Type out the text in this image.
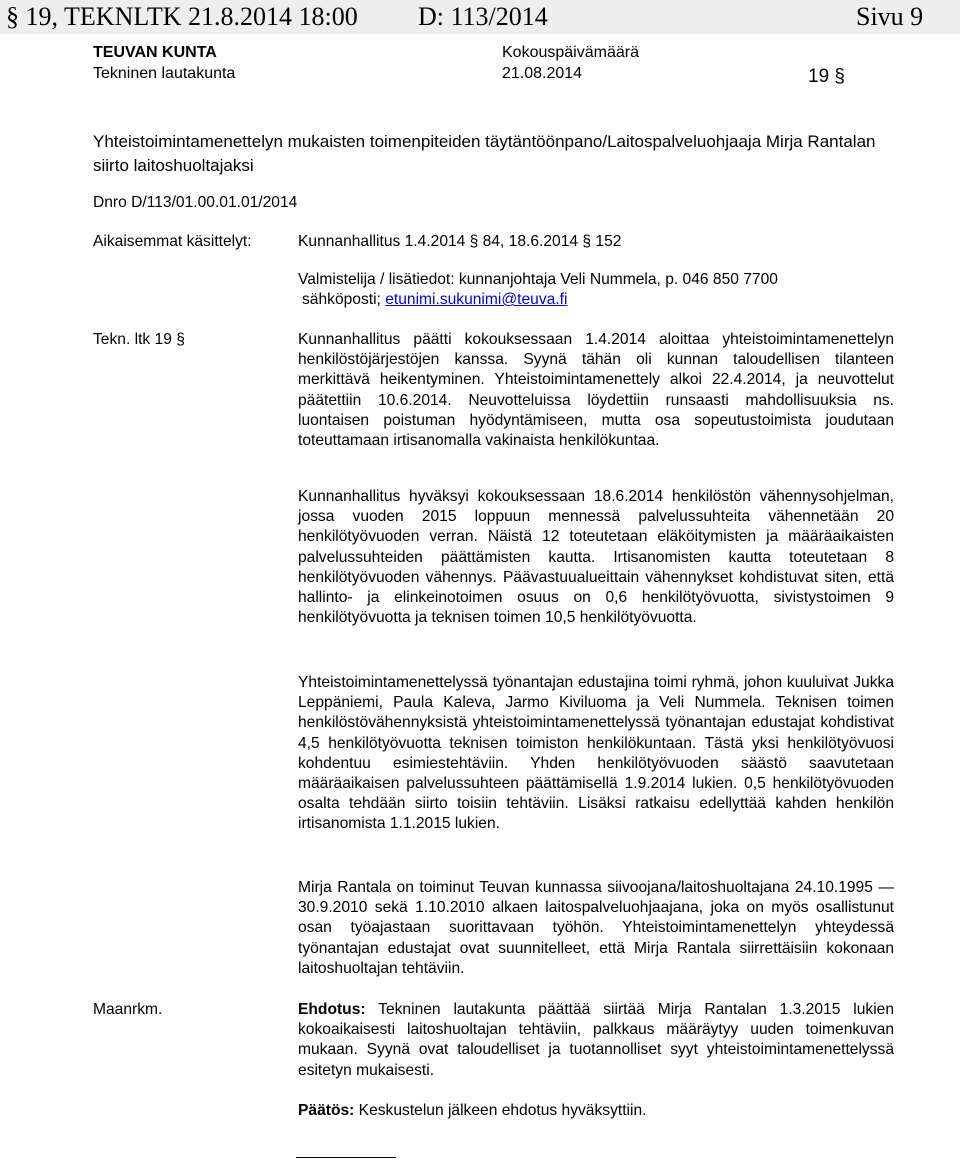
§ 19, TEKNLTK 21.8.2014 18:00 D: 113/2014	Sivu 9
TEUVAN KUNTA
Tekninen lautakunta
Kokouspäivämäärä
21.08.2014	19 §
Yhteistoimintamenettelyn mukaisten toimenpiteiden täytäntöönpano/Laitospalveluohjaaja Mirja Rantalan siirto laitoshuoltajaksi
Dnro D/113/01.00.01.01/2014
Aikaisemmat käsittelyt:	Kunnanhallitus 1.4.2014 § 84, 18.6.2014 § 152
Valmistelija / lisätiedot: kunnanjohtaja Veli Nummela, p. 046 850 7700
sähköposti; etunimi.sukunimi@teuva.fi
Tekn. ltk 19 §	Kunnanhallitus päätti kokouksessaan 1.4.2014 aloittaa yhteistoimintamenettelyn henkilöstöjärjestöjen kanssa. Syynä tähän oli kunnan taloudellisen tilanteen merkittävä heikentyminen. Yhteistoimintamenettely alkoi 22.4.2014, ja neuvottelut päätettiin 10.6.2014. Neuvotteluissa löydettiin runsaasti mahdollisuuksia ns. luontaisen poistuman hyödyntämiseen, mutta osa sopeutustoimista joudutaan toteuttamaan irtisanomalla vakinaista henkilökuntaa.

Kunnanhallitus hyväksyi kokouksessaan 18.6.2014 henkilöstön vähennysohjelman, jossa vuoden 2015 loppuun mennessä palvelussuhteita vähennetään 20 henkilötyövuoden verran. Näistä 12 toteutetaan eläköitymisten ja määräaikaisten palvelussuhteiden päättämisten kautta. Irtisanomisten kautta toteutetaan 8 henkilötyövuoden vähennys. Päävastuualueittain vähennykset kohdistuvat siten, että hallinto- ja elinkeinotoimen osuus on 0,6 henkilötyövuotta, sivistystoimen 9 henkilötyövuotta ja teknisen toimen 10,5 henkilötyövuotta.

Yhteistoimintamenettelyssä työnantajan edustajina toimi ryhmä, johon kuuluivat Jukka Leppäniemi, Paula Kaleva, Jarmo Kiviluoma ja Veli Nummela. Teknisen toimen henkilöstövähennyksistä yhteistoimintamenettelyssä työnantajan edustajat kohdistivat 4,5 henkilötyövuotta teknisen toimiston henkilökuntaan. Tästä yksi henkilötyövuosi kohdentuu esimiestehtäviin. Yhden henkilötyövuoden säästö saavutetaan määräaikaisen palvelussuhteen päättämisellä 1.9.2014 lukien. 0,5 henkilötyövuoden osalta tehdään siirto toisiin tehtäviin. Lisäksi ratkaisu edellyttää kahden henkilön irtisanomista 1.1.2015 lukien.

Mirja Rantala on toiminut Teuvan kunnassa siivoojana/laitoshuoltajana 24.10.1995 — 30.9.2010 sekä 1.10.2010 alkaen laitospalveluohjaajana, joka on myös osallistunut osan työajastaan suorittavaan työhön. Yhteistoimintamenettelyn yhteydessä työnantajan edustajat ovat suunnitelleet, että Mirja Rantala siirrettäisiin kokonaan laitoshuoltajan tehtäviin.

Maanrkm.	Ehdotus: Tekninen lautakunta päättää siirtää Mirja Rantalan 1.3.2015 lukien kokoaikaisesti laitoshuoltajan tehtäviin, palkkaus määräytyy uuden toimenkuvan mukaan. Syynä ovat taloudelliset ja tuotannolliset syyt yhteistoimintamenettelyssä esitetyn mukaisesti.

Päätös: Keskustelun jälkeen ehdotus hyväksyttiin.
